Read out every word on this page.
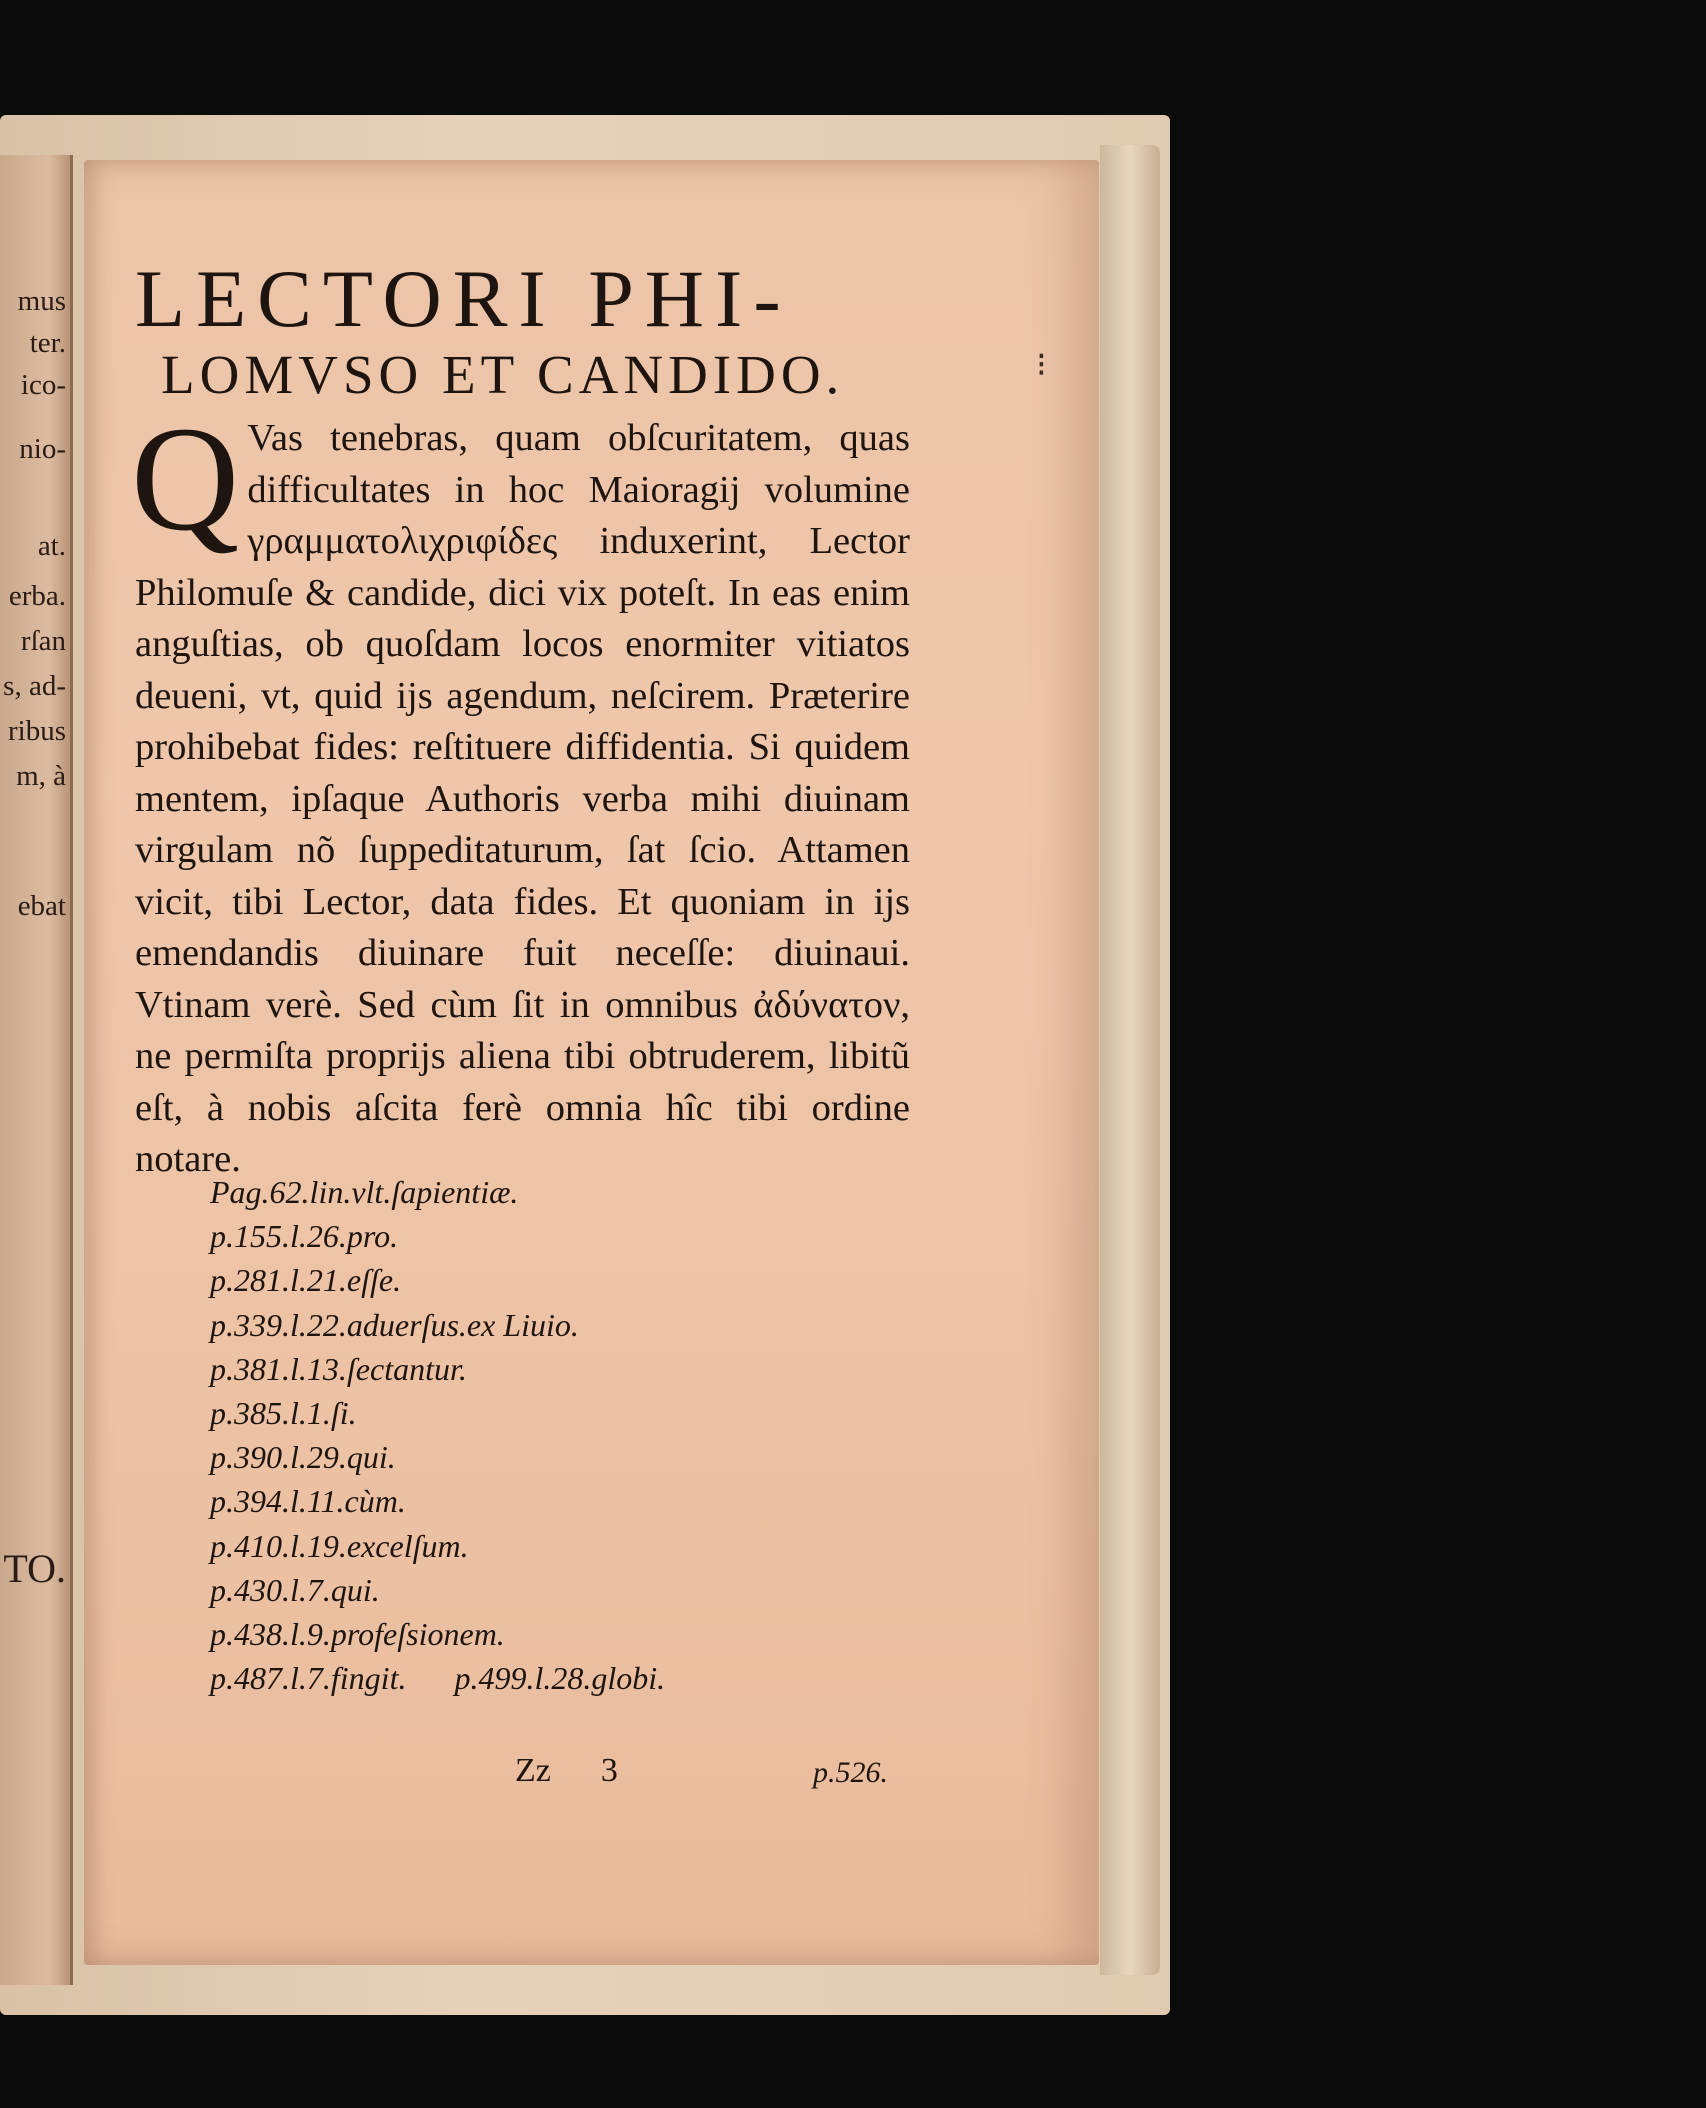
mus
ter.
ico-
nio-
at.
erba.
rſan
s, ad-
ribus
m, à
ebat
TO.
⁝
LECTORI PHI-
LOMVSO ET CANDIDO.

Q Vas tenebras, quam obſcuritatem, quas difficultates in hoc Maioragij volumine γραμματολιχριφίδες induxerint, Lector Philomuſe & candide, dici vix poteſt. In eas enim anguſtias, ob quoſdam locos enormiter vitiatos deueni, vt, quid ijs agendum, neſcirem. Præterire prohibebat fides: reſtituere diffidentia. Si quidem mentem, ipſaque Authoris verba mihi diuinam virgulam nõ ſuppeditaturum, ſat ſcio. Attamen vicit, tibi Lector, data fides. Et quoniam in ijs emendandis diuinare fuit neceſſe: diuinaui. Vtinam verè. Sed cùm ſit in omnibus ἀδύνατον, ne permiſta proprijs aliena tibi obtruderem, libitũ eſt, à nobis aſcita ferè omnia hîc tibi ordine notare.

Pag.62.lin.vlt.ſapientiæ.
p.155.l.26.pro.
p.281.l.21.eſſe.
p.339.l.22.aduerſus.ex Liuio.
p.381.l.13.ſectantur.
p.385.l.1.ſi.
p.390.l.29.qui.
p.394.l.11.cùm.
p.410.l.19.excelſum.
p.430.l.7.qui.
p.438.l.9.profeſsionem.
p.487.l.7.fingit.      p.499.l.28.globi.
Zz 3	p.526.
